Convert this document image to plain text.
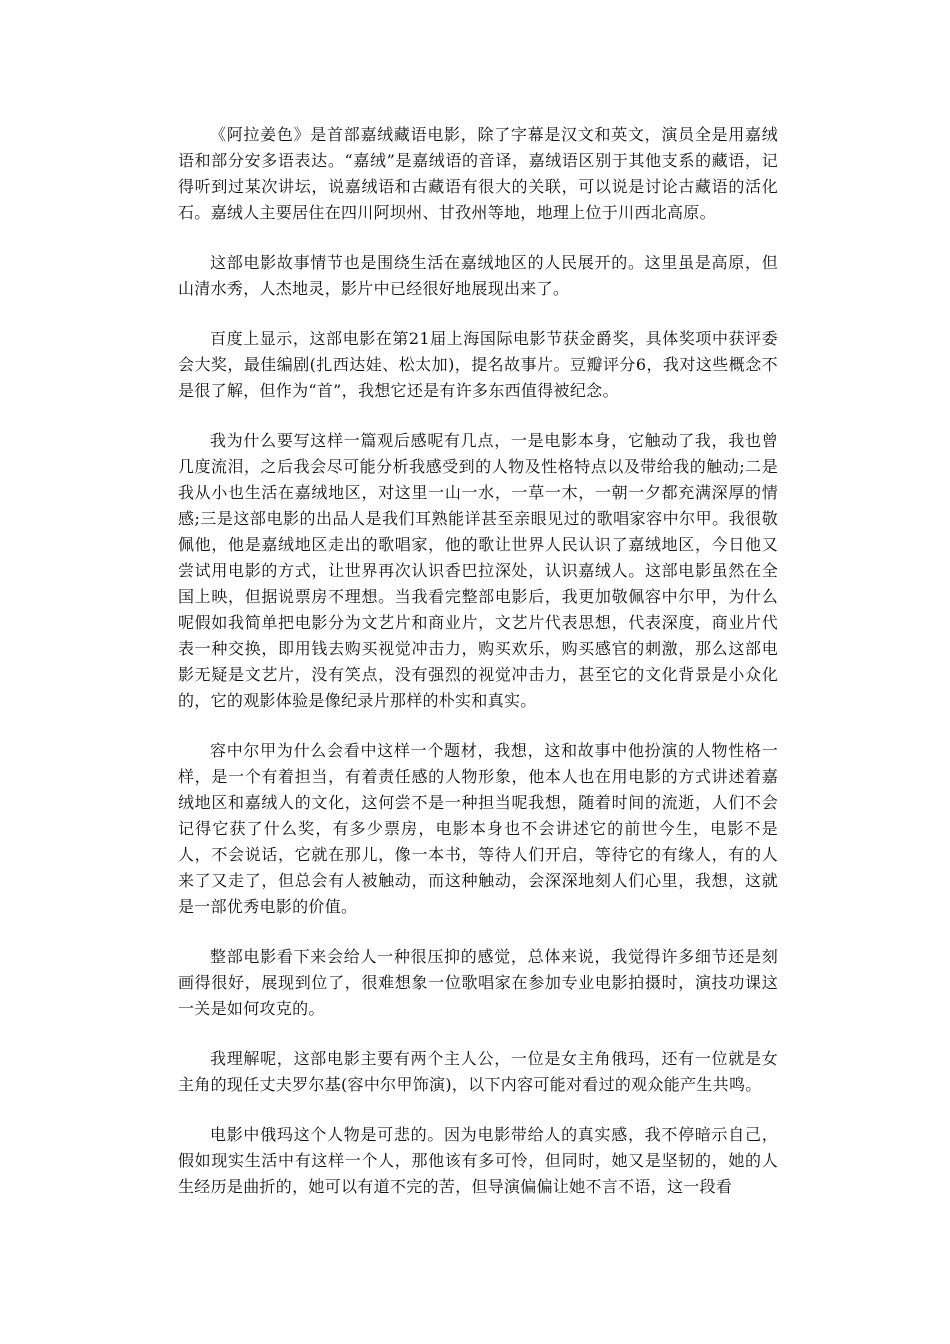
《阿拉姜色》是首部嘉绒藏语电影，除了字幕是汉文和英文，演员全是用嘉绒语和部分安多语表达。“嘉绒”是嘉绒语的音译，嘉绒语区别于其他支系的藏语，记得听到过某次讲坛，说嘉绒语和古藏语有很大的关联，可以说是讨论古藏语的活化石。嘉绒人主要居住在四川阿坝州、甘孜州等地，地理上位于川西北高原。

这部电影故事情节也是围绕生活在嘉绒地区的人民展开的。这里虽是高原，但山清水秀，人杰地灵，影片中已经很好地展现出来了。

百度上显示，这部电影在第21届上海国际电影节获金爵奖，具体奖项中获评委会大奖，最佳编剧(扎西达娃、松太加)，提名故事片。豆瓣评分6，我对这些概念不是很了解，但作为“首”，我想它还是有许多东西值得被纪念。

我为什么要写这样一篇观后感呢有几点，一是电影本身，它触动了我，我也曾几度流泪，之后我会尽可能分析我感受到的人物及性格特点以及带给我的触动;二是我从小也生活在嘉绒地区，对这里一山一水，一草一木，一朝一夕都充满深厚的情感;三是这部电影的出品人是我们耳熟能详甚至亲眼见过的歌唱家容中尔甲。我很敬佩他，他是嘉绒地区走出的歌唱家，他的歌让世界人民认识了嘉绒地区，今日他又尝试用电影的方式，让世界再次认识香巴拉深处，认识嘉绒人。这部电影虽然在全国上映，但据说票房不理想。当我看完整部电影后，我更加敬佩容中尔甲，为什么呢假如我简单把电影分为文艺片和商业片，文艺片代表思想，代表深度，商业片代表一种交换，即用钱去购买视觉冲击力，购买欢乐，购买感官的刺激，那么这部电影无疑是文艺片，没有笑点，没有强烈的视觉冲击力，甚至它的文化背景是小众化的，它的观影体验是像纪录片那样的朴实和真实。

容中尔甲为什么会看中这样一个题材，我想，这和故事中他扮演的人物性格一样，是一个有着担当，有着责任感的人物形象，他本人也在用电影的方式讲述着嘉绒地区和嘉绒人的文化，这何尝不是一种担当呢我想，随着时间的流逝，人们不会记得它获了什么奖，有多少票房，电影本身也不会讲述它的前世今生，电影不是人，不会说话，它就在那儿，像一本书，等待人们开启，等待它的有缘人，有的人来了又走了，但总会有人被触动，而这种触动，会深深地刻人们心里，我想，这就是一部优秀电影的价值。

整部电影看下来会给人一种很压抑的感觉，总体来说，我觉得许多细节还是刻画得很好，展现到位了，很难想象一位歌唱家在参加专业电影拍摄时，演技功课这一关是如何攻克的。

我理解呢，这部电影主要有两个主人公，一位是女主角俄玛，还有一位就是女主角的现任丈夫罗尔基(容中尔甲饰演)，以下内容可能对看过的观众能产生共鸣。

电影中俄玛这个人物是可悲的。因为电影带给人的真实感，我不停暗示自己，假如现实生活中有这样一个人，那他该有多可怜，但同时，她又是坚韧的，她的人生经历是曲折的，她可以有道不完的苦，但导演偏偏让她不言不语，这一段看
